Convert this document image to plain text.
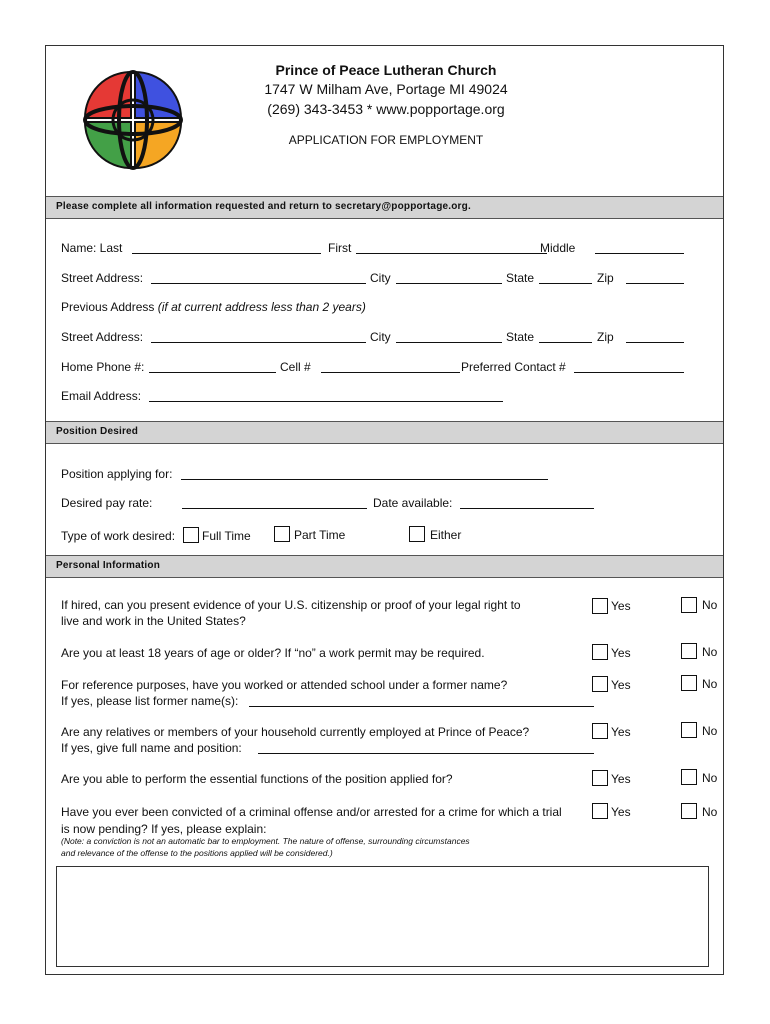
Prince of Peace Lutheran Church
1747 W Milham Ave, Portage MI 49024
(269) 343-3453 * www.popportage.org
APPLICATION FOR EMPLOYMENT
Please complete all information requested and return to secretary@popportage.org.
Name: Last	First	Middle
Street Address:	City	State	Zip
Previous Address (if at current address less than 2 years)
Street Address:	City	State	Zip
Home Phone #:	Cell #	Preferred Contact #
Email Address:
Position Desired
Position applying for:
Desired pay rate:	Date available:
Type of work desired: Full Time	Part Time	Either
Personal Information
If hired, can you present evidence of your U.S. citizenship or proof of your legal right to
live and work in the United States?
Yes	No
Are you at least 18 years of age or older? If “no” a work permit may be required.	Yes	No
For reference purposes, have you worked or attended school under a former name?
If yes, please list former name(s):
Yes	No
Are any relatives or members of your household currently employed at Prince of Peace?
If yes, give full name and position:
Yes	No
Are you able to perform the essential functions of the position applied for?	Yes	No
Have you ever been convicted of a criminal offense and/or arrested for a crime for which a trial
is now pending? If yes, please explain:
(Note: a conviction is not an automatic bar to employment. The nature of offense, surrounding circumstances
and relevance of the offense to the positions applied will be considered.)
Yes	No
